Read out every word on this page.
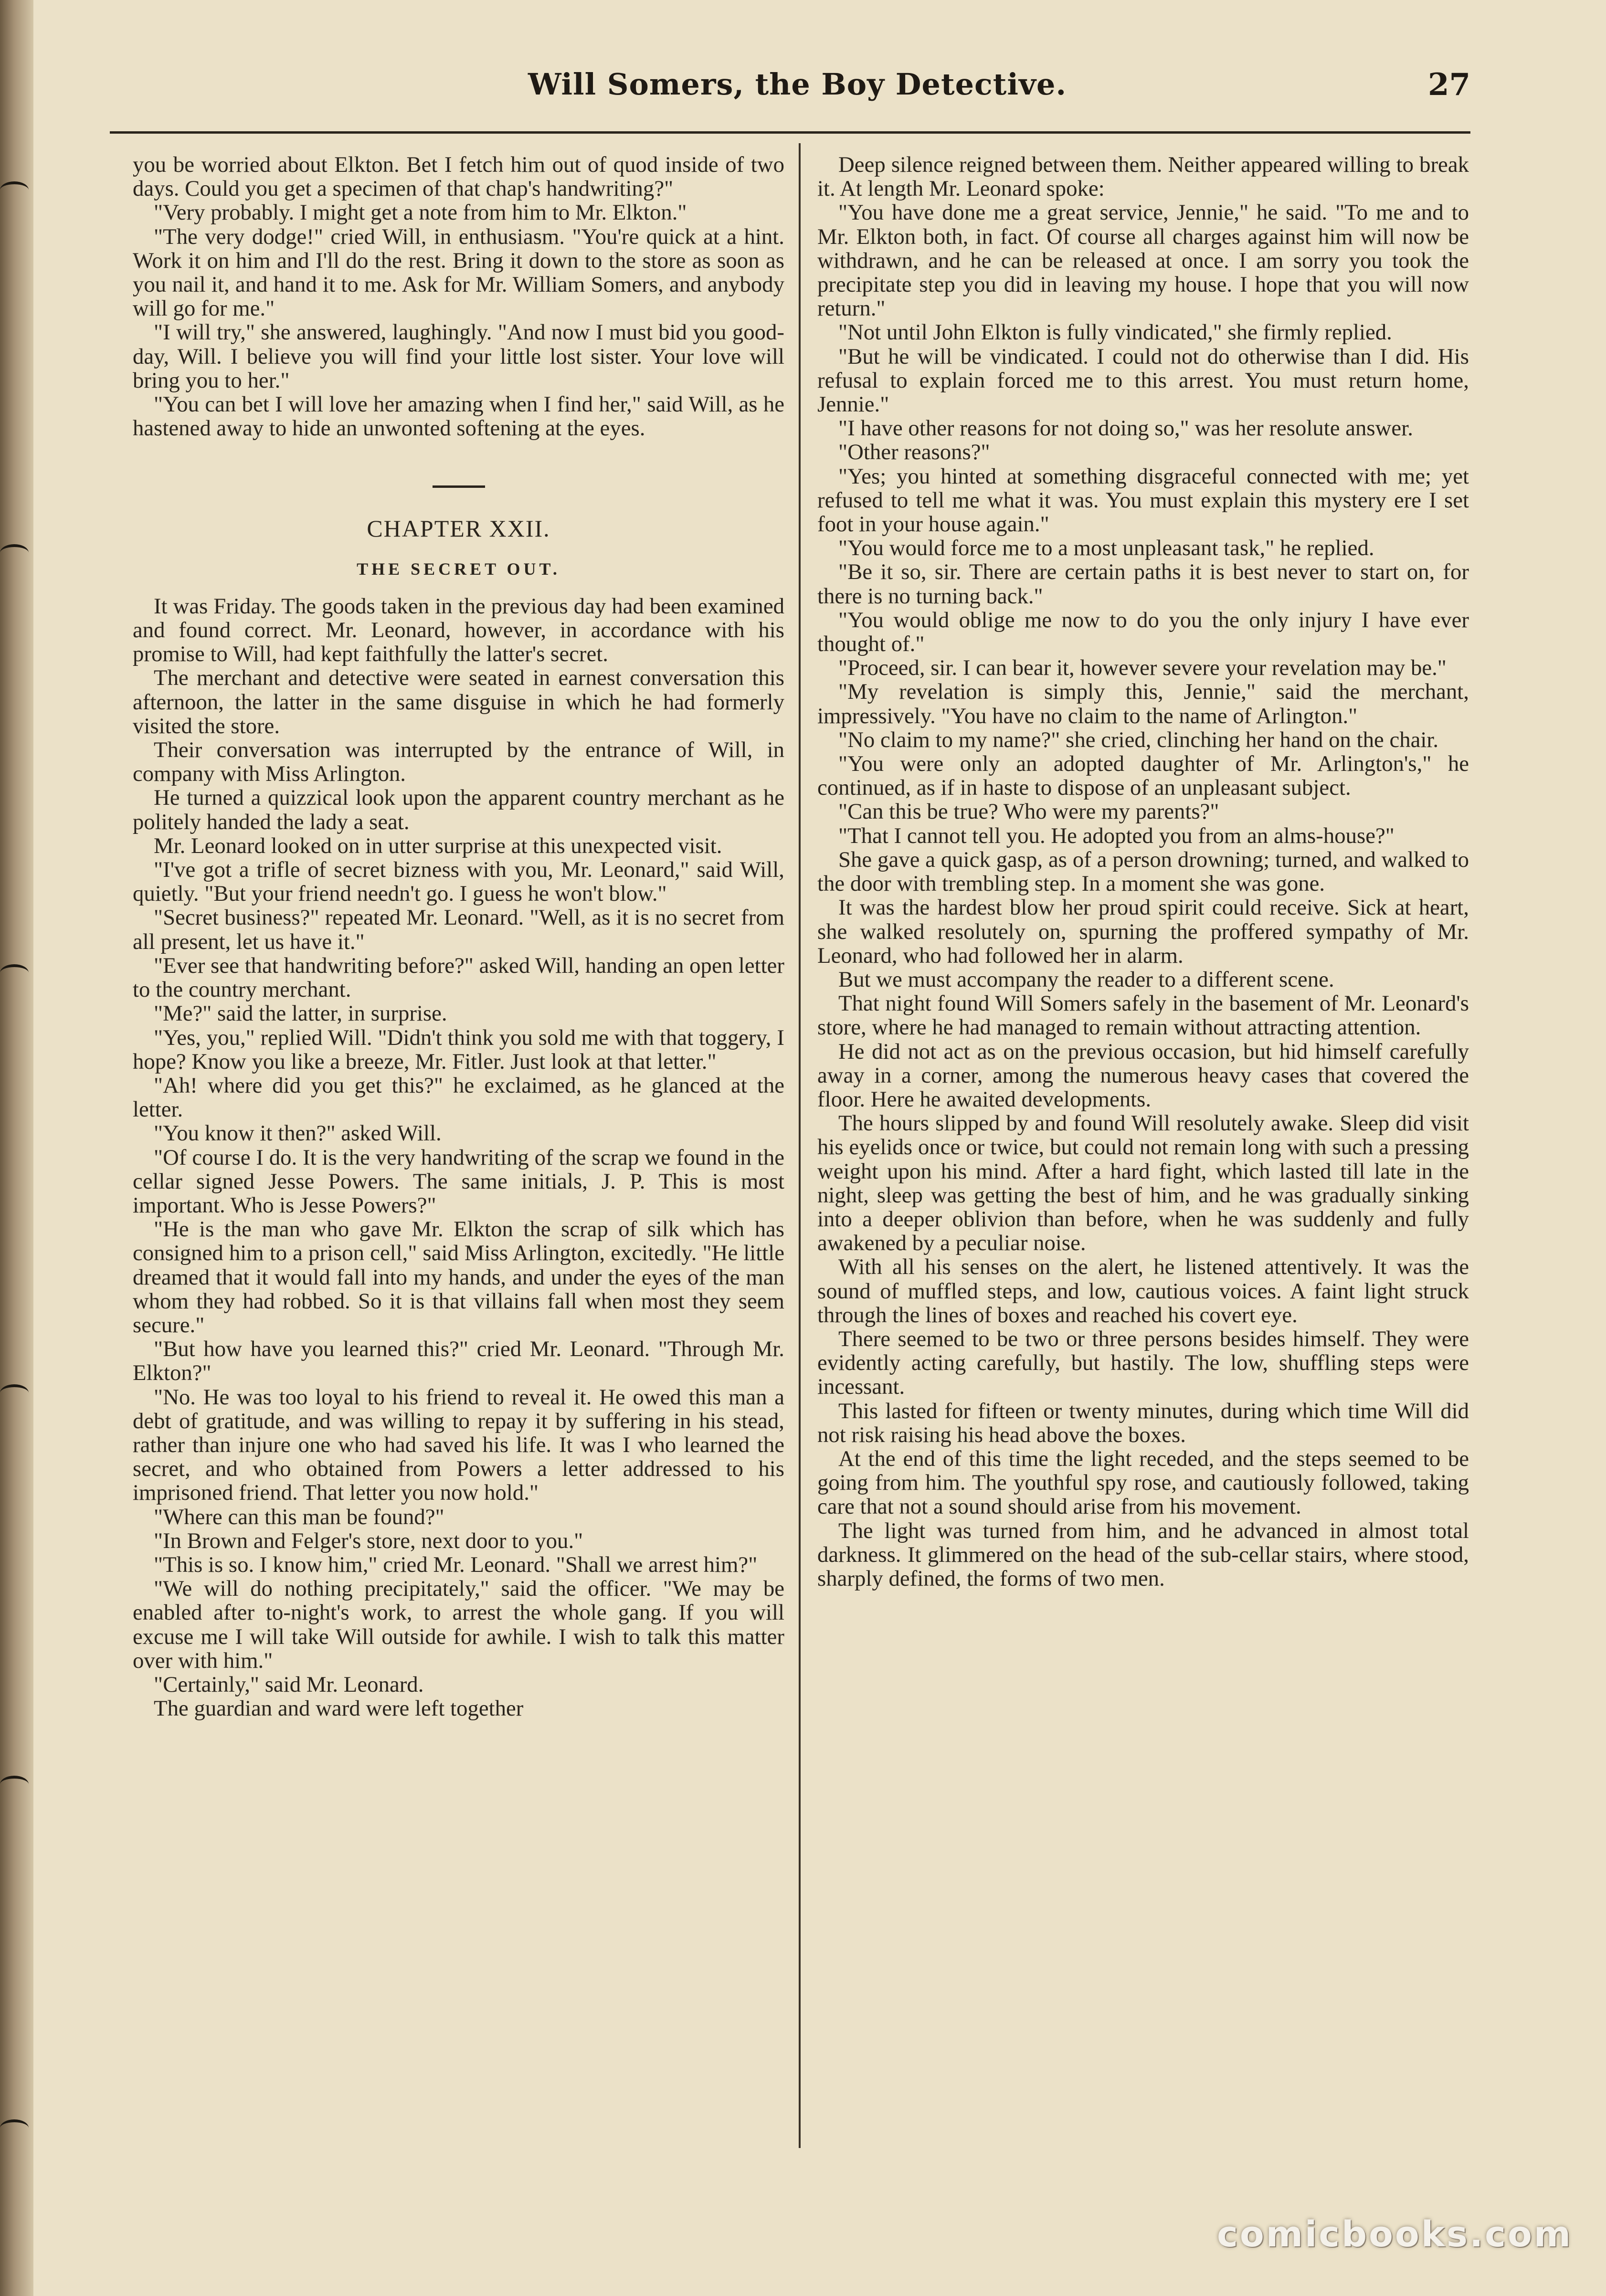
Will Somers, the Boy Detective.	27

you be worried about Elkton. Bet I fetch him out of quod inside of two days. Could you get a specimen of that chap's handwriting?"

"Very probably. I might get a note from him to Mr. Elkton."

"The very dodge!" cried Will, in enthusiasm. "You're quick at a hint. Work it on him and I'll do the rest. Bring it down to the store as soon as you nail it, and hand it to me. Ask for Mr. William Somers, and anybody will go for me."

"I will try," she answered, laughingly. "And now I must bid you good-day, Will. I believe you will find your little lost sister. Your love will bring you to her."

"You can bet I will love her amazing when I find her," said Will, as he hastened away to hide an unwonted softening at the eyes.

CHAPTER XXII.
THE SECRET OUT.

It was Friday. The goods taken in the previous day had been examined and found correct. Mr. Leonard, however, in accordance with his promise to Will, had kept faithfully the latter's secret.

The merchant and detective were seated in earnest conversation this afternoon, the latter in the same disguise in which he had formerly visited the store.

Their conversation was interrupted by the entrance of Will, in company with Miss Arlington.

He turned a quizzical look upon the apparent country merchant as he politely handed the lady a seat.

Mr. Leonard looked on in utter surprise at this unexpected visit.

"I've got a trifle of secret bizness with you, Mr. Leonard," said Will, quietly. "But your friend needn't go. I guess he won't blow."

"Secret business?" repeated Mr. Leonard. "Well, as it is no secret from all present, let us have it."

"Ever see that handwriting before?" asked Will, handing an open letter to the country merchant.

"Me?" said the latter, in surprise.

"Yes, you," replied Will. "Didn't think you sold me with that toggery, I hope? Know you like a breeze, Mr. Fitler. Just look at that letter."

"Ah! where did you get this?" he exclaimed, as he glanced at the letter.

"You know it then?" asked Will.

"Of course I do. It is the very handwriting of the scrap we found in the cellar signed Jesse Powers. The same initials, J. P. This is most important. Who is Jesse Powers?"

"He is the man who gave Mr. Elkton the scrap of silk which has consigned him to a prison cell," said Miss Arlington, excitedly. "He little dreamed that it would fall into my hands, and under the eyes of the man whom they had robbed. So it is that villains fall when most they seem secure."

"But how have you learned this?" cried Mr. Leonard. "Through Mr. Elkton?"

"No. He was too loyal to his friend to reveal it. He owed this man a debt of gratitude, and was willing to repay it by suffering in his stead, rather than injure one who had saved his life. It was I who learned the secret, and who obtained from Powers a letter addressed to his imprisoned friend. That letter you now hold."

"Where can this man be found?"

"In Brown and Felger's store, next door to you."

"This is so. I know him," cried Mr. Leonard. "Shall we arrest him?"

"We will do nothing precipitately," said the officer. "We may be enabled after to-night's work, to arrest the whole gang. If you will excuse me I will take Will outside for awhile. I wish to talk this matter over with him."

"Certainly," said Mr. Leonard.

The guardian and ward were left together

Deep silence reigned between them. Neither appeared willing to break it. At length Mr. Leonard spoke:

"You have done me a great service, Jennie," he said. "To me and to Mr. Elkton both, in fact. Of course all charges against him will now be withdrawn, and he can be released at once. I am sorry you took the precipitate step you did in leaving my house. I hope that you will now return."

"Not until John Elkton is fully vindicated," she firmly replied.

"But he will be vindicated. I could not do otherwise than I did. His refusal to explain forced me to this arrest. You must return home, Jennie."

"I have other reasons for not doing so," was her resolute answer.

"Other reasons?"

"Yes; you hinted at something disgraceful connected with me; yet refused to tell me what it was. You must explain this mystery ere I set foot in your house again."

"You would force me to a most unpleasant task," he replied.

"Be it so, sir. There are certain paths it is best never to start on, for there is no turning back."

"You would oblige me now to do you the only injury I have ever thought of."

"Proceed, sir. I can bear it, however severe your revelation may be."

"My revelation is simply this, Jennie," said the merchant, impressively. "You have no claim to the name of Arlington."

"No claim to my name?" she cried, clinching her hand on the chair.

"You were only an adopted daughter of Mr. Arlington's," he continued, as if in haste to dispose of an unpleasant subject.

"Can this be true? Who were my parents?"

"That I cannot tell you. He adopted you from an alms-house?"

She gave a quick gasp, as of a person drowning; turned, and walked to the door with trembling step. In a moment she was gone.

It was the hardest blow her proud spirit could receive. Sick at heart, she walked resolutely on, spurning the proffered sympathy of Mr. Leonard, who had followed her in alarm.

But we must accompany the reader to a different scene.

That night found Will Somers safely in the basement of Mr. Leonard's store, where he had managed to remain without attracting attention.

He did not act as on the previous occasion, but hid himself carefully away in a corner, among the numerous heavy cases that covered the floor. Here he awaited developments.

The hours slipped by and found Will resolutely awake. Sleep did visit his eyelids once or twice, but could not remain long with such a pressing weight upon his mind. After a hard fight, which lasted till late in the night, sleep was getting the best of him, and he was gradually sinking into a deeper oblivion than before, when he was suddenly and fully awakened by a peculiar noise.

With all his senses on the alert, he listened attentively. It was the sound of muffled steps, and low, cautious voices. A faint light struck through the lines of boxes and reached his covert eye.

There seemed to be two or three persons besides himself. They were evidently acting carefully, but hastily. The low, shuffling steps were incessant.

This lasted for fifteen or twenty minutes, during which time Will did not risk raising his head above the boxes.

At the end of this time the light receded, and the steps seemed to be going from him. The youthful spy rose, and cautiously followed, taking care that not a sound should arise from his movement.

The light was turned from him, and he advanced in almost total darkness. It glimmered on the head of the sub-cellar stairs, where stood, sharply defined, the forms of two men.

comicbooks.com
